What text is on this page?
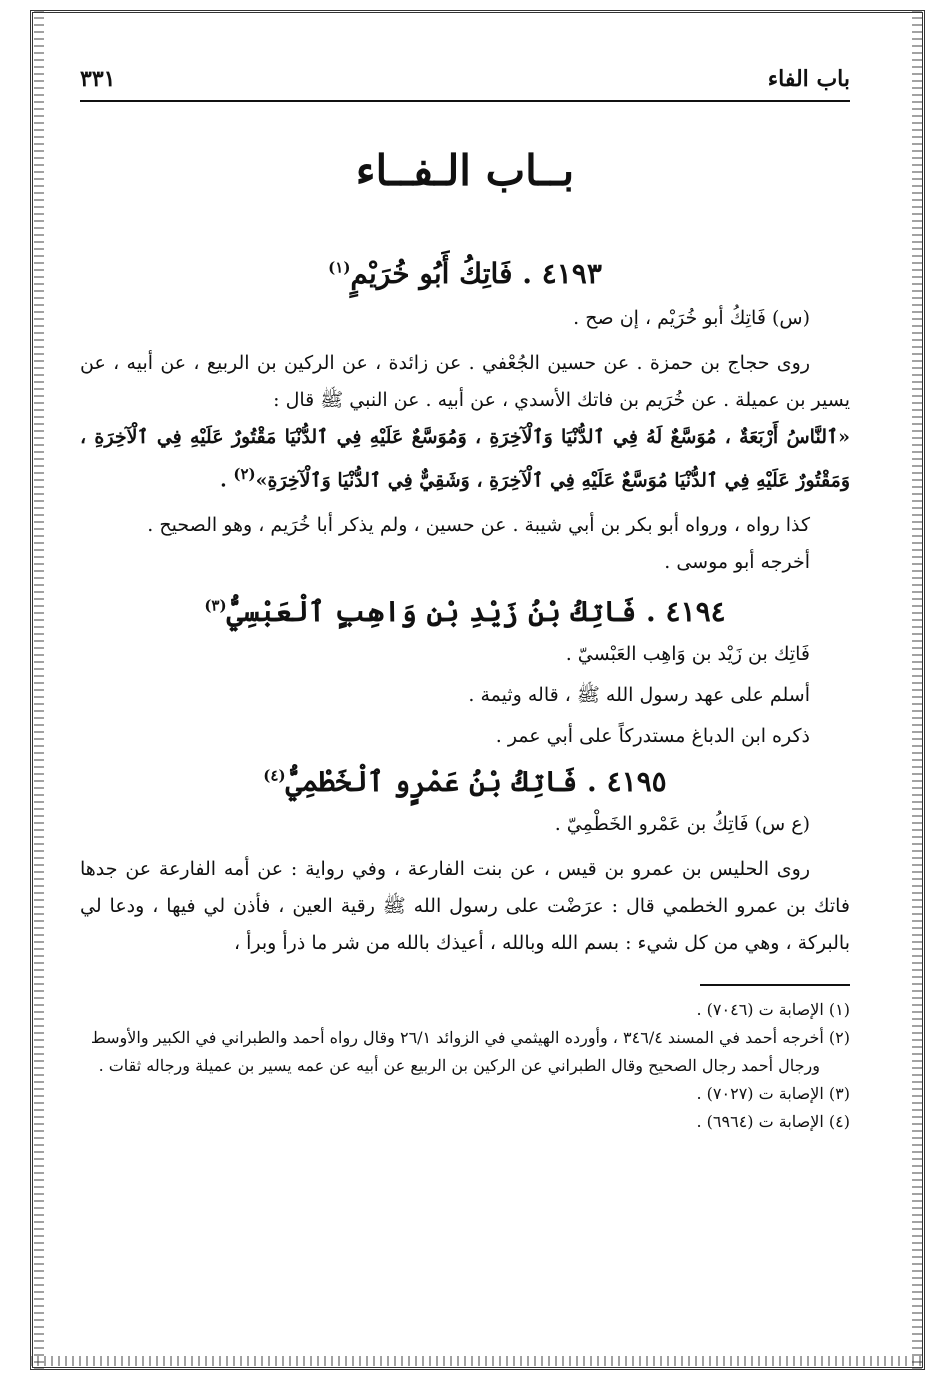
باب الفاء
٣٣١
بــاب الـفــاء

٤١٩٣ . فَاتِكُ أَبُو خُرَيْمٍ$^{(١)}$

(س) فَاتِكُ أبو خُرَيْم ، إن صح .

روى حجاج بن حمزة . عن حسين الجُعْفي . عن زائدة ، عن الركين بن الربيع ، عن أبيه ، عن يسير بن عميلة . عن خُرَيم بن فاتك الأسدي ، عن أبيه . عن النبي ﷺ قال :

«ٱلنَّاسُ أَرْبَعَةٌ ، مُوَسَّعٌ لَهُ فِي ٱلدُّنْيَا وَٱلْآخِرَةِ ، وَمُوَسَّعٌ عَلَيْهِ فِي ٱلدُّنْيَا مَقْتُورٌ عَلَيْهِ فِي ٱلْآخِرَةِ ، وَمَقْتُورٌ عَلَيْهِ فِي ٱلدُّنْيَا مُوَسَّعٌ عَلَيْهِ فِي ٱلْآخِرَةِ ، وَشَقِيٌّ فِي ٱلدُّنْيَا وَٱلْآخِرَةِ»$^{(٢)}$ .

كذا رواه ، ورواه أبو بكر بن أبي شيبة . عن حسين ، ولم يذكر أبا خُرَيم ، وهو الصحيح .

أخرجه أبو موسى .

٤١٩٤ . فَاتِكُ بْنُ زَيْدِ بْنِ وَاهِبٍ ٱلْعَبْسِيُّ$^{(٣)}$

فَاتِك بن زَيْد بن وَاهِب العَبْسيّ .

أسلم على عهد رسول الله ﷺ ، قاله وثيمة .

ذكره ابن الدباغ مستدركاً على أبي عمر .

٤١٩٥ . فَاتِكُ بْنُ عَمْرٍو ٱلْخَطْمِيُّ$^{(٤)}$

(ع س) فَاتِكُ بن عَمْرو الخَطْمِيّ .

روى الحليس بن عمرو بن قيس ، عن بنت الفارعة ، وفي رواية : عن أمه الفارعة عن جدها فاتك بن عمرو الخطمي قال : عرَضْت على رسول الله ﷺ رقية العين ، فأذن لي فيها ، ودعا لي بالبركة ، وهي من كل شيء : بسم الله وبالله ، أعيذك بالله من شر ما ذرأ وبرأ ،

(١) الإصابة ت (٧٠٤٦) .

(٢) أخرجه أحمد في المسند ٣٤٦/٤ ، وأورده الهيثمي في الزوائد ٢٦/١ وقال رواه أحمد والطبراني في الكبير والأوسط ورجال أحمد رجال الصحيح وقال الطبراني عن الركين بن الربيع عن أبيه عن عمه يسير بن عميلة ورجاله ثقات .

(٣) الإصابة ت (٧٠٢٧) .

(٤) الإصابة ت (٦٩٦٤) .
